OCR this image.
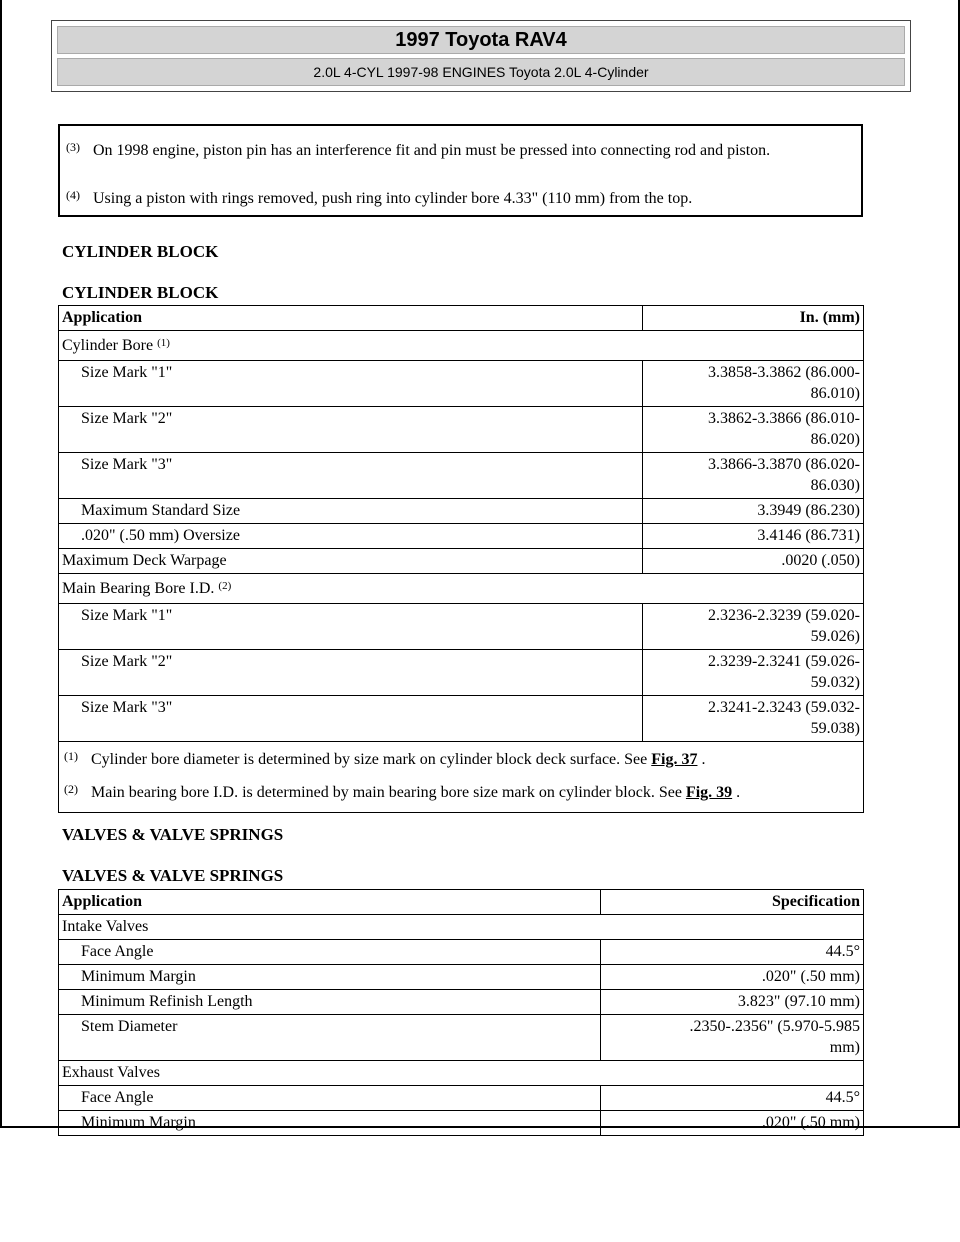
1997 Toyota RAV4
2.0L 4-CYL 1997-98 ENGINES Toyota 2.0L 4-Cylinder
(3) On 1998 engine, piston pin has an interference fit and pin must be pressed into connecting rod and piston.
(4) Using a piston with rings removed, push ring into cylinder bore 4.33" (110 mm) from the top.
CYLINDER BLOCK
CYLINDER BLOCK
Application	In. (mm)
Cylinder Bore $^{(1)}$
Size Mark "1"	3.3858-3.3862 (86.000-
86.010)
Size Mark "2"	3.3862-3.3866 (86.010-
86.020)
Size Mark "3"	3.3866-3.3870 (86.020-
86.030)
Maximum Standard Size	3.3949 (86.230)
.020" (.50 mm) Oversize	3.4146 (86.731)
Maximum Deck Warpage	.0020 (.050)
Main Bearing Bore I.D. $^{(2)}$
Size Mark "1"	2.3236-2.3239 (59.020-
59.026)
Size Mark "2"	2.3239-2.3241 (59.026-
59.032)
Size Mark "3"	2.3241-2.3243 (59.032-
59.038)

(1) Cylinder bore diameter is determined by size mark on cylinder block deck surface. See Fig. 37 .
(2) Main bearing bore I.D. is determined by main bearing bore size mark on cylinder block. See Fig. 39 .	
VALVES & VALVE SPRINGS
VALVES & VALVE SPRINGS
Application	Specification
Intake Valves	
Face Angle	44.5°
Minimum Margin	.020" (.50 mm)
Minimum Refinish Length	3.823" (97.10 mm)
Stem Diameter	.2350-.2356" (5.970-5.985
mm)
Exhaust Valves	
Face Angle	44.5°
Minimum Margin	.020" (.50 mm)
